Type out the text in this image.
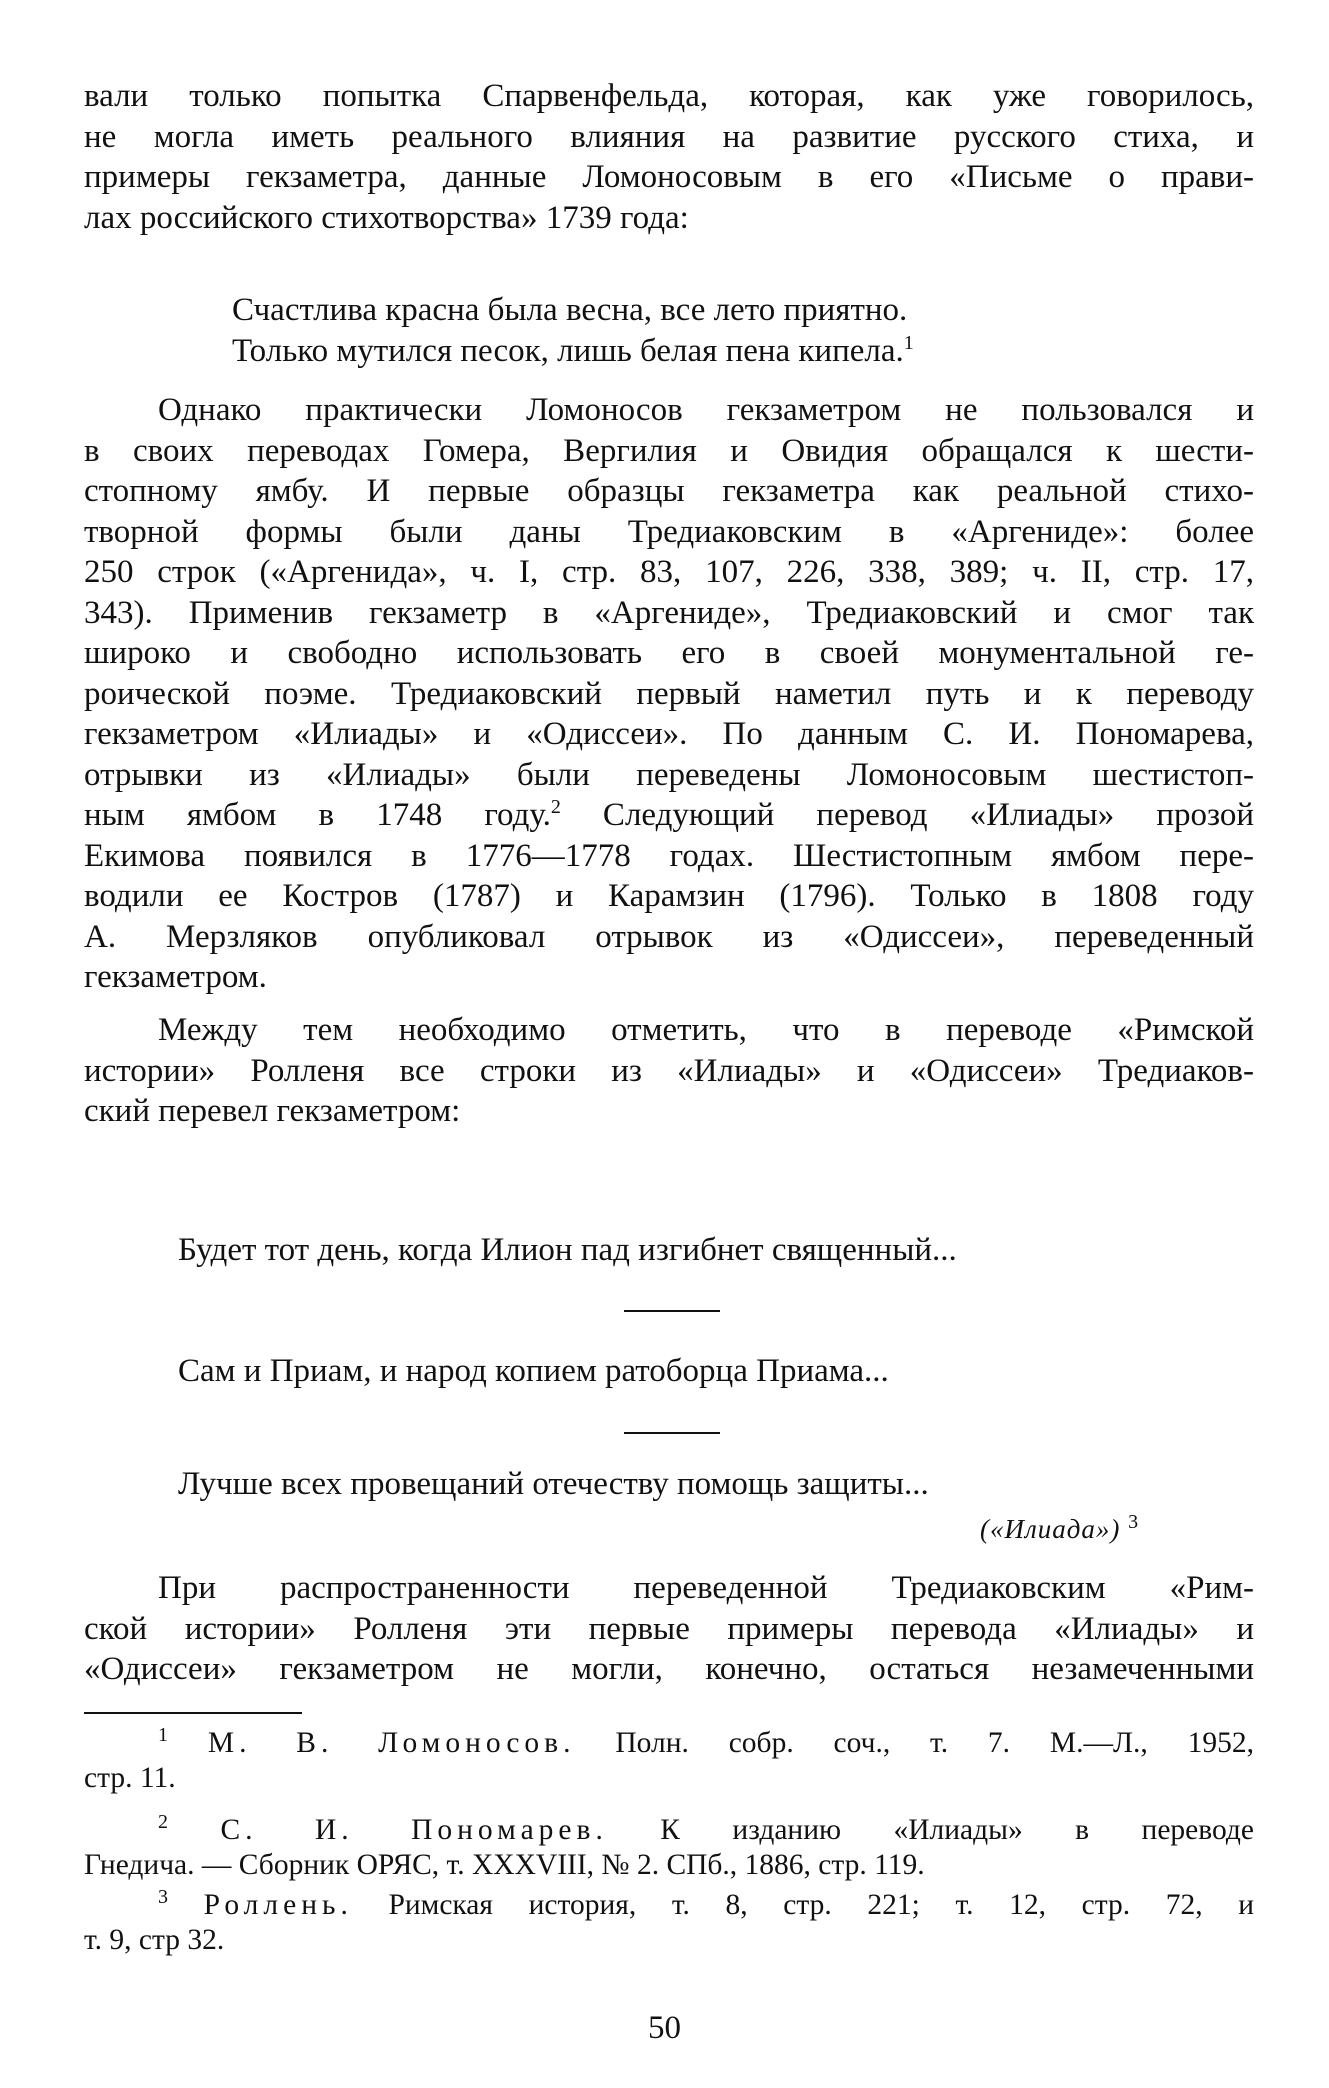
вали только попытка Спарвенфельда, которая, как уже говорилось,
не могла иметь реального влияния на развитие русского стиха, и
примеры гекзаметра, данные Ломоносовым в его «Письме о прави-
лах российского стихотворства» 1739 года:
Счастлива красна была весна, все лето приятно.
Только мутился песок, лишь белая пена кипела.$^1$
Однако практически Ломоносов гекзаметром не пользовался и
в своих переводах Гомера, Вергилия и Овидия обращался к шести-
стопному ямбу. И первые образцы гекзаметра как реальной стихо-
творной формы были даны Тредиаковским в «Аргениде»: более
250 строк («Аргенида», ч. I, стр. 83, 107, 226, 338, 389; ч. II, стр. 17,
343). Применив гекзаметр в «Аргениде», Тредиаковский и смог так
широко и свободно использовать его в своей монументальной ге-
роической поэме. Тредиаковский первый наметил путь и к переводу
гекзаметром «Илиады» и «Одиссеи». По данным С. И. Пономарева,
отрывки из «Илиады» были переведены Ломоносовым шестистоп-
ным ямбом в 1748 году.$^2$ Следующий перевод «Илиады» прозой
Екимова появился в 1776—1778 годах. Шестистопным ямбом пере-
водили ее Костров (1787) и Карамзин (1796). Только в 1808 году
А. Мерзляков опубликовал отрывок из «Одиссеи», переведенный
гекзаметром.
Между тем необходимо отметить, что в переводе «Римской
истории» Ролленя все строки из «Илиады» и «Одиссеи» Тредиаков-
ский перевел гекзаметром:
Будет тот день, когда Илион пад изгибнет священный...
Сам и Приам, и народ копием ратоборца Приама...
Лучше всех провещаний отечеству помощь защиты...
(«Илиада») $^3$
При распространенности переведенной Тредиаковским «Рим-
ской истории» Ролленя эти первые примеры перевода «Илиады» и
«Одиссеи» гекзаметром не могли, конечно, остаться незамеченными
$^1$ М. В. Ломоносов. Полн. собр. соч., т. 7. М.—Л., 1952,
стр. 11.
$^2$ С. И. Пономарев. К изданию «Илиады» в переводе
Гнедича. — Сборник ОРЯС, т. XXXVIII, № 2. СПб., 1886, стр. 119.
$^3$ Роллень. Римская история, т. 8, стр. 221; т. 12, стр. 72, и
т. 9, стр 32.
50
